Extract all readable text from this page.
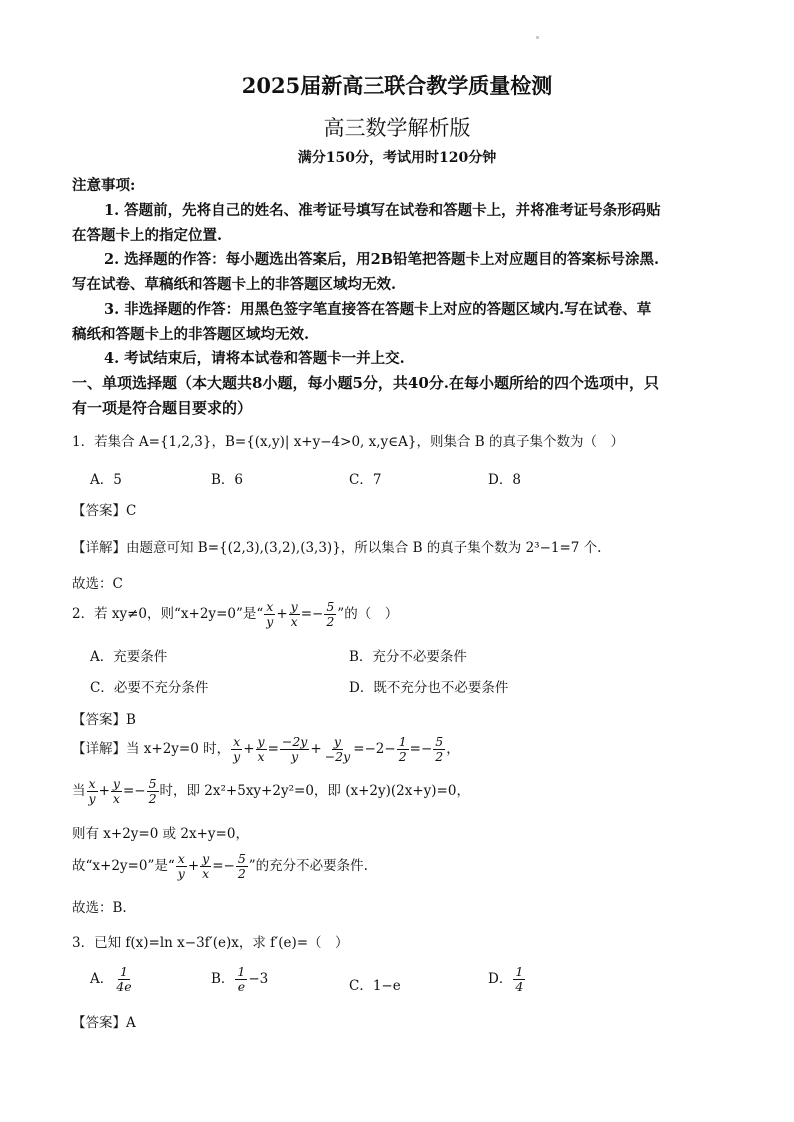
2025届新高三联合教学质量检测
高三数学解析版
满分150分，考试用时120分钟
注意事项:
1. 答题前，先将自己的姓名、准考证号填写在试卷和答题卡上，并将准考证号条形码贴
在答题卡上的指定位置.
2. 选择题的作答：每小题选出答案后，用2B铅笔把答题卡上对应题目的答案标号涂黑.
写在试卷、草稿纸和答题卡上的非答题区域均无效.
3. 非选择题的作答：用黑色签字笔直接答在答题卡上对应的答题区域内.写在试卷、草
稿纸和答题卡上的非答题区域均无效.
4. 考试结束后，请将本试卷和答题卡一并上交.
一、单项选择题（本大题共8小题，每小题5分，共40分.在每小题所给的四个选项中，只
有一项是符合题目要求的）
1．若集合 A={1,2,3}，B={(x,y)| x+y−4>0, x,y∈A}，则集合 B 的真子集个数为（　）
A．5	B．6	C．7	D．8
【答案】C
【详解】由题意可知 B={(2,3),(3,2),(3,3)}，所以集合 B 的真子集个数为 2³−1=7 个.
故选：C
2．若 xy≠0，则“x+2y=0”是“ $\frac{x}{y} + \frac{y}{x} =- \frac{5}{2}$ ”的（　）
A．充要条件	B．充分不必要条件
C．必要不充分条件	D．既不充分也不必要条件
【答案】B
【详解】当 x+2y=0 时， $\frac{x}{y} + \frac{y}{x} = \frac{-2y}{y} + \frac{y}{-2y} =-2- \frac{1}{2} =- \frac{5}{2}$ ，
当 $\frac{x}{y} + \frac{y}{x} =- \frac{5}{2}$ 时，即 2x²+5xy+2y²=0，即 (x+2y)(2x+y)=0，
则有 x+2y=0 或 2x+y=0，
故“x+2y=0”是“ $\frac{x}{y} + \frac{y}{x} =- \frac{5}{2}$ ”的充分不必要条件.
故选：B.
3．已知 f(x)=ln x−3f′(e)x，求 f′(e)=（　）
A． $\frac{1}{4e}$	B． $\frac{1}{e} -3$	C．1−e	D． $\frac{1}{4}$
【答案】A
